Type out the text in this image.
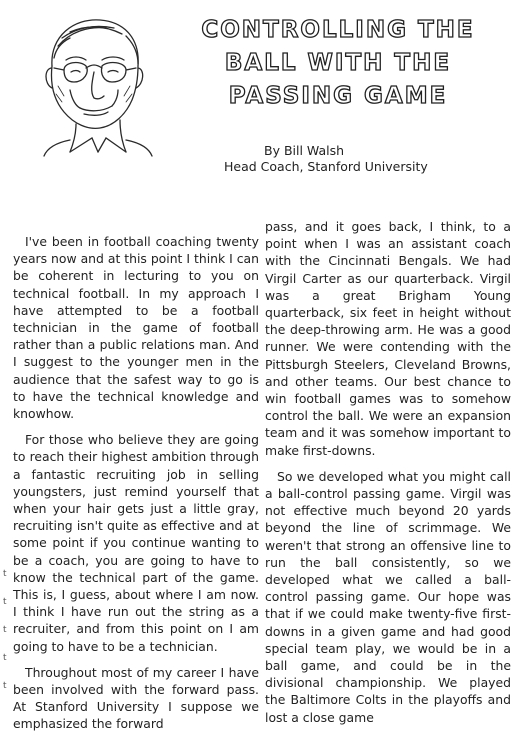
CONTROLLING THE
BALL WITH THE
PASSING GAME
By Bill Walsh
Head Coach, Stanford University

I've been in football coaching twenty years now and at this point I think I can be coherent in lecturing to you on technical football. In my approach I have attempted to be a football technician in the game of football rather than a public relations man. And I suggest to the younger men in the audience that the safest way to go is to have the technical knowledge and knowhow.

For those who believe they are going to reach their highest ambition through a fantastic recruiting job in selling youngsters, just remind yourself that when your hair gets just a little gray, recruiting isn't quite as effective and at some point if you continue wanting to be a coach, you are going to have to know the technical part of the game. This is, I guess, about where I am now. I think I have run out the string as a recruiter, and from this point on I am going to have to be a technician.

Throughout most of my career I have been involved with the forward pass. At Stanford University I suppose we emphasized the forward

pass, and it goes back, I think, to a point when I was an assistant coach with the Cincinnati Bengals. We had Virgil Carter as our quarterback. Virgil was a great Brigham Young quarterback, six feet in height without the deep-throwing arm. He was a good runner. We were contending with the Pittsburgh Steelers, Cleveland Browns, and other teams. Our best chance to win football games was to somehow control the ball. We were an expansion team and it was somehow important to make first-downs.

So we developed what you might call a ball-control passing game. Virgil was not effective much beyond 20 yards beyond the line of scrimmage. We weren't that strong an offensive line to run the ball consistently, so we developed what we called a ball-control passing game. Our hope was that if we could make twenty-five first-downs in a given game and had good special team play, we would be in a ball game, and could be in the divisional championship. We played the Baltimore Colts in the playoffs and lost a close game

t
t
t
t
t
